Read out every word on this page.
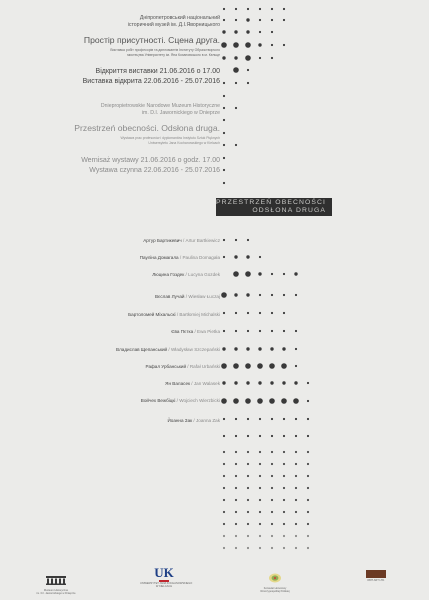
Дніпропетровський національний
історичний музей ім. Д.І.Яворницького
Простір присутності. Сцена друга.
Виставка робіт професорів та дипломантів Інституту Образотворчого
мистецтва Університету ім. Яна Кохановського в м. Кельце
Відкриття виставки 21.06.2016 о 17.00
Виставка відкрита 22.06.2016 - 25.07.2016
Dniepropietrowskie Narodowe Muzeum Historyczne
im. D.I. Jawornickiego w Dnieprze
Przestrzeń obecności. Odsłona druga.
Wystawa prac profesorów i dyplomantów Instytutu Sztuk Pięknych
Uniwersytetu Jana Kochanowskiego w Kielcach
Wernisaż wystawy 21.06.2016 o godz. 17.00
Wystawa czynna 22.06.2016 - 25.07.2016
PRZESTRZEŃ OBECNOŚCI
ODSŁONA DRUGA
Артур Бартикевич / Artur Bartkiewicz
Пауліна Домагала / Paulina Domagała
Люцина Гоздек / Lucyna Gozdek
Вєслав Лучай / Wiesław Łuczaj
Бартоломей Міхальскі / Bartłomiej Michalski
Єва Пєтка / Ewa Pietka
Владислав Щепанський / Władysław Szczepański
Рафал Урбанський / Rafał Urbański
Ян Валасек / Jan Walasek
Войчех Вежбіцкі / Wojciech Wierzbicki
Йоанна Зак / Joanna Zak
Muzeum Historyczne
im. D.I. Jawornickiego w Dnieprze
UK
UNIWERSYTET JANA KOCHANOWSKIEGO
W KIELCACH
Konsulat Honorowy
Rzeczypospolitej Polskiej
OBIT ART LTD.
